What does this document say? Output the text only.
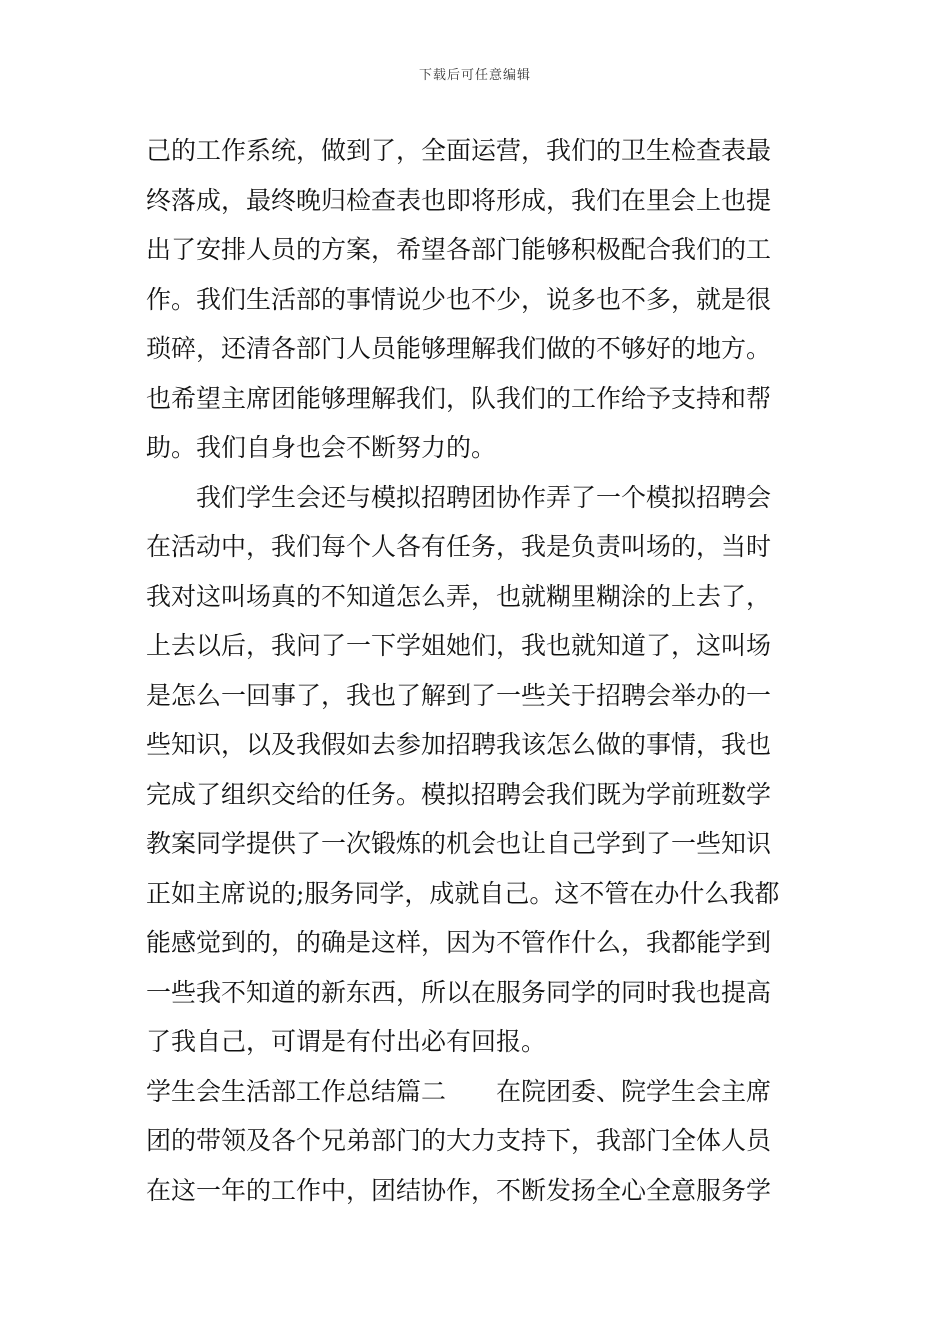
下载后可任意编辑
己的工作系统，做到了，全面运营，我们的卫生检查表最
终落成，最终晚归检查表也即将形成，我们在里会上也提
出了安排人员的方案，希望各部门能够积极配合我们的工
作。我们生活部的事情说少也不少，说多也不多，就是很
琐碎，还清各部门人员能够理解我们做的不够好的地方。
也希望主席团能够理解我们，队我们的工作给予支持和帮
助。我们自身也会不断努力的。
　　我们学生会还与模拟招聘团协作弄了一个模拟招聘会
在活动中，我们每个人各有任务，我是负责叫场的，当时
我对这叫场真的不知道怎么弄，也就糊里糊涂的上去了，
上去以后，我问了一下学姐她们，我也就知道了，这叫场
是怎么一回事了，我也了解到了一些关于招聘会举办的一
些知识，以及我假如去参加招聘我该怎么做的事情，我也
完成了组织交给的任务。模拟招聘会我们既为学前班数学
教案同学提供了一次锻炼的机会也让自己学到了一些知识
正如主席说的;服务同学，成就自己。这不管在办什么我都
能感觉到的，的确是这样，因为不管作什么，我都能学到
一些我不知道的新东西，所以在服务同学的同时我也提高
了我自己，可谓是有付出必有回报。
学生会生活部工作总结篇二　　在院团委、院学生会主席
团的带领及各个兄弟部门的大力支持下，我部门全体人员
在这一年的工作中，团结协作，不断发扬全心全意服务学
